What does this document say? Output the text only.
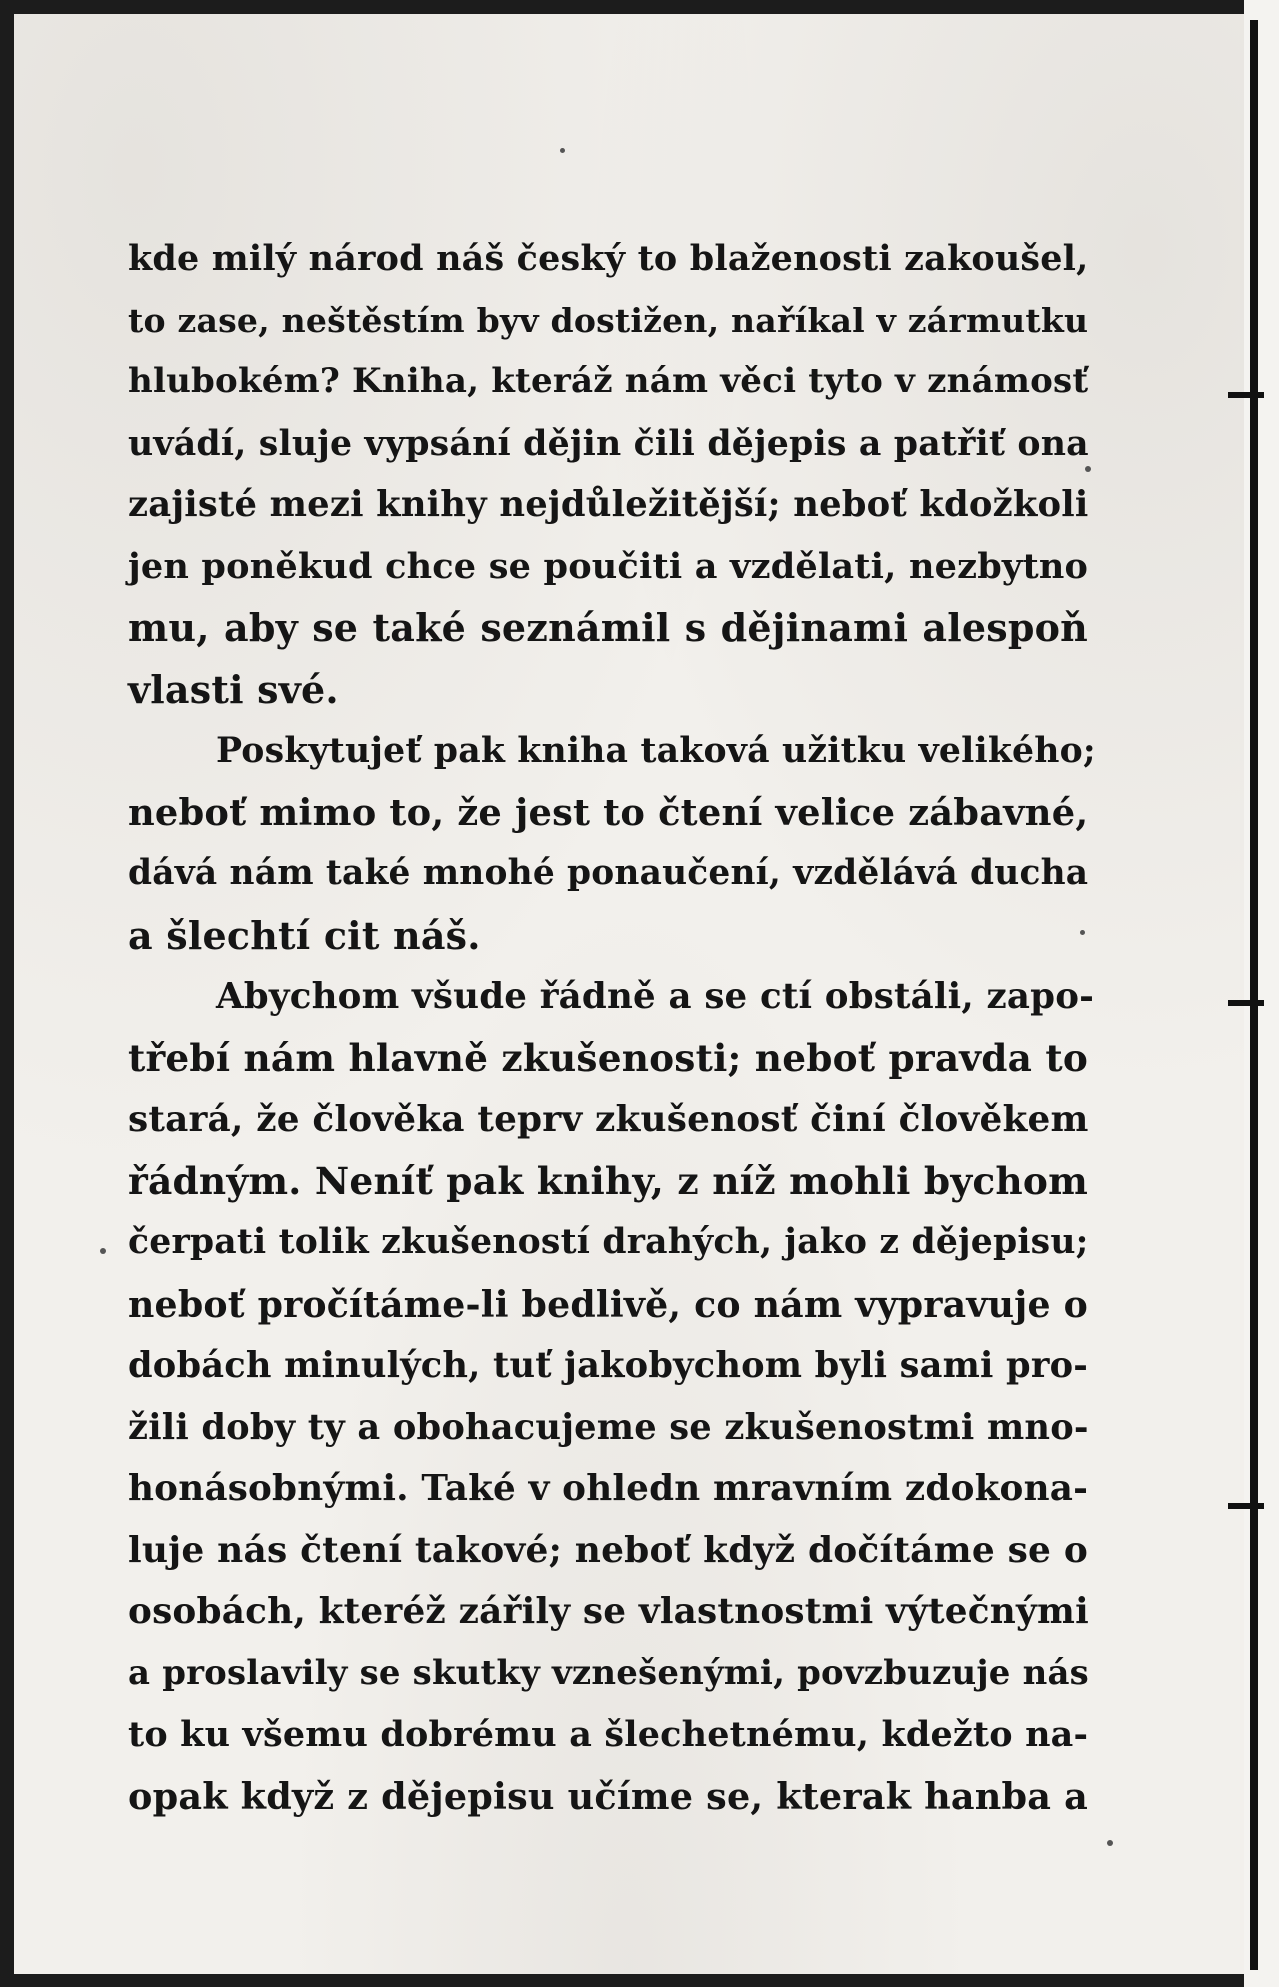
kde milý národ náš český to blaženosti zakoušel,
to zase, neštěstím byv dostižen, naříkal v zármutku
hlubokém? Kniha, kteráž nám věci tyto v známosť
uvádí, sluje vypsání dějin čili dějepis a patřiť ona
zajisté mezi knihy nejdůležitější; neboť kdožkoli
jen poněkud chce se poučiti a vzdělati, nezbytno
mu, aby se také seznámil s dějinami alespoň
vlasti své.
Poskytujeť pak kniha taková užitku velikého;
neboť mimo to, že jest to čtení velice zábavné,
dává nám také mnohé ponaučení, vzdělává ducha
a šlechtí cit náš.
Abychom všude řádně a se ctí obstáli, zapo-
třebí nám hlavně zkušenosti; neboť pravda to
stará, že člověka teprv zkušenosť činí člověkem
řádným. Neníť pak knihy, z níž mohli bychom
čerpati tolik zkušeností drahých, jako z dějepisu;
neboť pročítáme-li bedlivě, co nám vypravuje o
dobách minulých, tuť jakobychom byli sami pro-
žili doby ty a obohacujeme se zkušenostmi mno-
honásobnými. Také v ohledn mravním zdokona-
luje nás čtení takové; neboť když dočítáme se o
osobách, kteréž zářily se vlastnostmi výtečnými
a proslavily se skutky vznešenými, povzbuzuje nás
to ku všemu dobrému a šlechetnému, kdežto na-
opak když z dějepisu učíme se, kterak hanba a
